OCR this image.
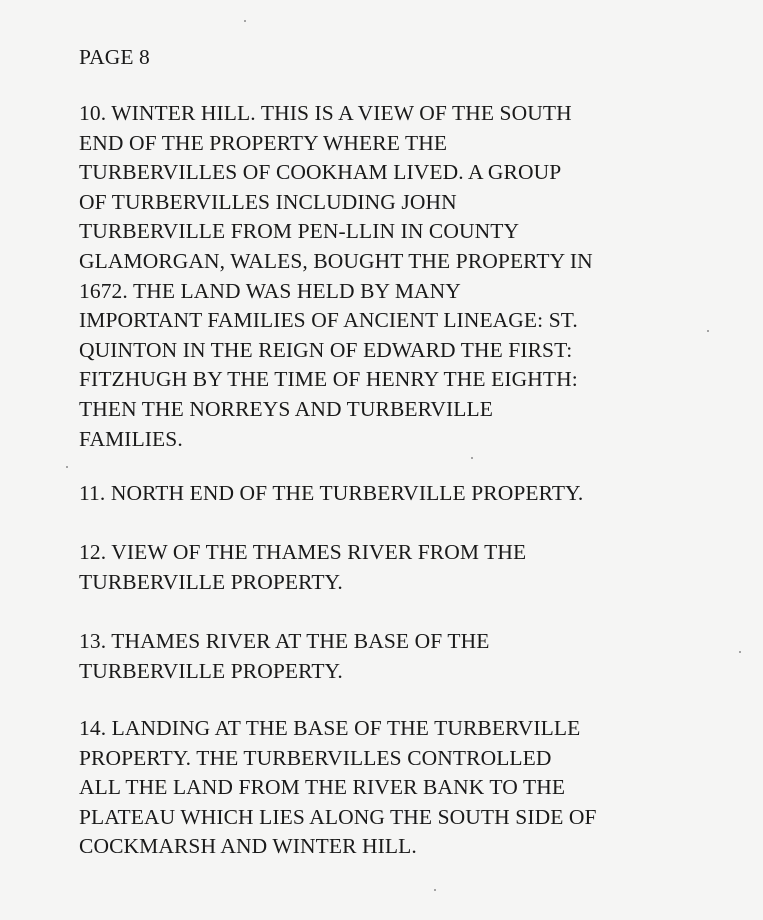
PAGE 8

10. WINTER HILL. THIS IS A VIEW OF THE SOUTH
END OF THE PROPERTY WHERE THE
TURBERVILLES OF COOKHAM LIVED. A GROUP
OF TURBERVILLES INCLUDING JOHN
TURBERVILLE FROM PEN-LLIN IN COUNTY
GLAMORGAN, WALES, BOUGHT THE PROPERTY IN
1672. THE LAND WAS HELD BY MANY
IMPORTANT FAMILIES OF ANCIENT LINEAGE: ST.
QUINTON IN THE REIGN OF EDWARD THE FIRST:
FITZHUGH BY THE TIME OF HENRY THE EIGHTH:
THEN THE NORREYS AND TURBERVILLE
FAMILIES.

11. NORTH END OF THE TURBERVILLE PROPERTY.

12. VIEW OF THE THAMES RIVER FROM THE
TURBERVILLE PROPERTY.

13. THAMES RIVER AT THE BASE OF THE
TURBERVILLE PROPERTY.

14. LANDING AT THE BASE OF THE TURBERVILLE
PROPERTY. THE TURBERVILLES CONTROLLED
ALL THE LAND FROM THE RIVER BANK TO THE
PLATEAU WHICH LIES ALONG THE SOUTH SIDE OF
COCKMARSH AND WINTER HILL.
